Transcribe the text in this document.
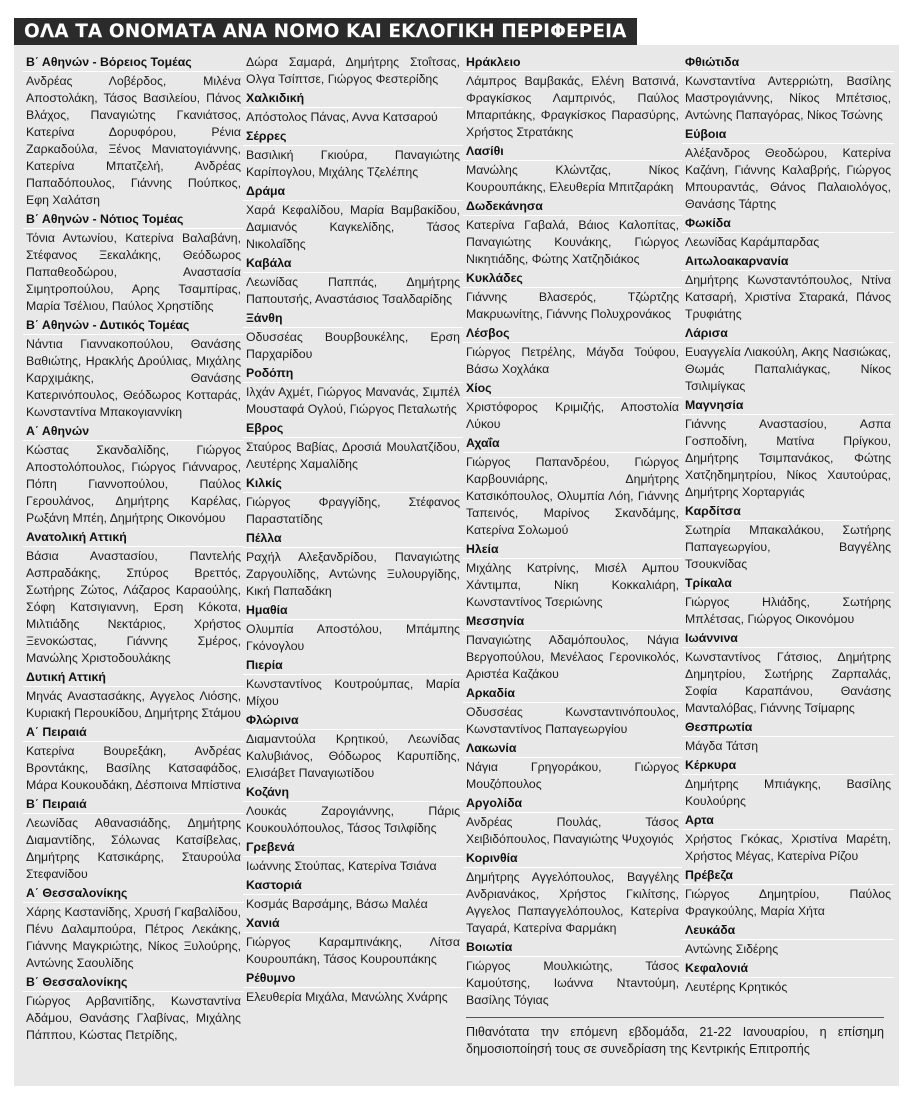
ΟΛΑ ΤΑ ΟΝΟΜΑΤΑ ΑΝΑ ΝΟΜΟ ΚΑΙ ΕΚΛΟΓΙΚΗ ΠΕΡΙΦΕΡΕΙΑ
Β΄ Αθηνών - Βόρειος Τομέας
Ανδρέας Λοβέρδος, Μιλένα Αποστολάκη, Τάσος Βασιλείου, Πάνος Βλάχος, Παναγιώτης Γκανιάτσος, Κατερίνα Δορυφόρου, Ρένια Ζαρκαδούλα, Ξένος Μανιατογιάννης, Κατερίνα Μπατζελή, Ανδρέας Παπαδόπουλος, Γιάννης Πούπκος, Εφη Χαλάτση
Β΄ Αθηνών - Νότιος Τομέας
Τόνια Αντωνίου, Κατερίνα Βαλαβάνη, Στέφανος Ξεκαλάκης, Θεόδωρος Παπαθεοδώρου, Αναστασία Σιμητροπούλου, Αρης Τσαμπίρας, Μαρία Τσέλιου, Παύλος Χρηστίδης
Β΄ Αθηνών - Δυτικός Τομέας
Νάντια Γιαννακοπούλου, Θανάσης Βαθιώτης, Ηρακλής Δρούλιας, Μιχάλης Καρχιμάκης, Θανάσης Κατερινόπουλος, Θεόδωρος Κοτταράς, Κωνσταντίνα Μπακογιαννίκη
Α΄ Αθηνών
Κώστας Σκανδαλίδης, Γιώργος Αποστολόπουλος, Γιώργος Γιάνναρος, Πόπη Γιαννοπούλου, Παύλος Γερουλάνος, Δημήτρης Καρέλας, Ρωξάνη Μπέη, Δημήτρης Οικονόμου
Ανατολική Αττική
Βάσια Αναστασίου, Παντελής Ασπραδάκης, Σπύρος Βρεττός, Σωτήρης Ζώτος, Λάζαρος Καραούλης, Σόφη Κατσιγιαννη, Ερση Κόκοτα, Μιλτιάδης Νεκτάριος, Χρήστος Ξενοκώστας, Γιάννης Σμέρος, Μανώλης Χριστοδουλάκης
Δυτική Αττική
Μηνάς Αναστασάκης, Αγγελος Λιόσης, Κυριακή Περουκίδου, Δημήτρης Στάμου
Α΄ Πειραιά
Κατερίνα Βουρεξάκη, Ανδρέας Βροντάκης, Βασίλης Κατσαφάδος, Μάρα Κουκουδάκη, Δέσποινα Μπίστινα
Β΄ Πειραιά
Λεωνίδας Αθανασιάδης, Δημήτρης Διαμαντίδης, Σόλωνας Κατσίβελας, Δημήτρης Κατσικάρης, Σταυρούλα Στεφανίδου
Α΄ Θεσσαλονίκης
Χάρης Καστανίδης, Χρυσή Γκαβαλίδου, Πένυ Δαλαμπούρα, Πέτρος Λεκάκης, Γιάννης Μαγκριώτης, Νίκος Ξυλούρης, Αντώνης Σαουλίδης
Β΄ Θεσσαλονίκης
Γιώργος Αρβανιτίδης, Κωνσταντίνα Αδάμου, Θανάσης Γλαβίνας, Μιχάλης Πάππου, Κώστας Πετρίδης,
Δώρα Σαμαρά, Δημήτρης Στοΐτσας, Ολγα Τσίπτσε, Γιώργος Φεστερίδης
Χαλκιδική
Απόστολος Πάνας, Αννα Κατσαρού
Σέρρες
Βασιλική Γκιούρα, Παναγιώτης Καρίπογλου, Μιχάλης Τζελέπης
Δράμα
Χαρά Κεφαλίδου, Μαρία Βαμβακίδου, Δαμιανός Καγκελίδης, Τάσος Νικολαΐδης
Καβάλα
Λεωνίδας Παππάς, Δημήτρης Παπουτσής, Αναστάσιος Τσαλδαρίδης
Ξάνθη
Οδυσσέας Βουρβουκέλης, Ερση Παρχαρίδου
Ροδόπη
Ιλχάν Αχμέτ, Γιώργος Μανανάς, Σιμπέλ Μουσταφά Ογλού, Γιώργος Πεταλωτής
Εβρος
Σταύρος Βαβίας, Δροσιά Μουλατζίδου, Λευτέρης Χαμαλίδης
Κιλκίς
Γιώργος Φραγγίδης, Στέφανος Παραστατίδης
Πέλλα
Ραχήλ Αλεξανδρίδου, Παναγιώτης Ζαργουλίδης, Αντώνης Ξυλουργίδης, Κική Παπαδάκη
Ημαθία
Ολυμπία Αποστόλου, Μπάμπης Γκόνογλου
Πιερία
Κωνσταντίνος Κουτρούμπας, Μαρία Μίχου
Φλώρινα
Διαμαντούλα Κρητικού, Λεωνίδας Καλυβιάνος, Θόδωρος Καρυπίδης, Ελισάβετ Παναγιωτίδου
Κοζάνη
Λουκάς Ζαρογιάννης, Πάρις Κουκουλόπουλος, Τάσος Τσιλφίδης
Γρεβενά
Ιωάννης Στούπας, Κατερίνα Τσιάνα
Καστοριά
Κοσμάς Βαρσάμης, Βάσω Μαλέα
Χανιά
Γιώργος Καραμπινάκης, Λίτσα Κουρουπάκη, Τάσος Κουρουπάκης
Ρέθυμνο
Ελευθερία Μιχάλα, Μανώλης Χνάρης
Ηράκλειο
Λάμπρος Βαμβακάς, Ελένη Βατσινά, Φραγκίσκος Λαμπρινός, Παύλος Μπαριτάκης, Φραγκίσκος Παρασύρης, Χρήστος Στρατάκης
Λασίθι
Μανώλης Κλώντζας, Νίκος Κουρουπάκης, Ελευθερία Μπιτζαράκη
Δωδεκάνησα
Κατερίνα Γαβαλά, Βάιος Καλοπίτας, Παναγιώτης Κουνάκης, Γιώργος Νικητιάδης, Φώτης Χατζηδιάκος
Κυκλάδες
Γιάννης Βλασερός, Τζώρτζης Μακρυωνίτης, Γιάννης Πολυχρονάκος
Λέσβος
Γιώργος Πετρέλης, Μάγδα Τούφου, Βάσω Χοχλάκα
Χίος
Χριστόφορος Κριμιζής, Αποστολία Λύκου
Αχαΐα
Γιώργος Παπανδρέου, Γιώργος Καρβουνιάρης, Δημήτρης Κατσικόπουλος, Ολυμπία Λόη, Γιάννης Ταπεινός, Μαρίνος Σκανδάμης, Κατερίνα Σολωμού
Ηλεία
Μιχάλης Κατρίνης, Μισέλ Αμπου Χάντιμπα, Νίκη Κοκκαλιάρη, Κωνσταντίνος Τσεριώνης
Μεσσηνία
Παναγιώτης Αδαμόπουλος, Νάγια Βεργοπούλου, Μενέλαος Γερονικολός, Αριστέα Καζάκου
Αρκαδία
Οδυσσέας Κωνσταντινόπουλος, Κωνσταντίνος Παπαγεωργίου
Λακωνία
Νάγια Γρηγοράκου, Γιώργος Μουζόπουλος
Αργολίδα
Ανδρέας Πουλάς, Τάσος Χειβιδόπουλος, Παναγιώτης Ψυχογιός
Κορινθία
Δημήτρης Αγγελόπουλος, Βαγγέλης Ανδριανάκος, Χρήστος Γκιλίτσης, Αγγελος Παπαγγελόπουλος, Κατερίνα Ταγαρά, Κατερίνα Φαρμάκη
Βοιωτία
Γιώργος Μουλκιώτης, Τάσος Καμούτσης, Ιωάννα Ντaντούμη, Βασίλης Τόγιας
Πιθανότατα την επόμενη εβδομάδα, 21-22 Ιανουαρίου, η επίσημη δημοσιοποίησή τους σε συνεδρίαση της Κεντρικής Επιτροπής
Φθιώτιδα
Κωνσταντίνα Αντερριώτη, Βασίλης Μαστρογιάννης, Νίκος Μπέτσιος, Αντώνης Παπαγόρας, Νίκος Τσώνης
Εύβοια
Αλέξανδρος Θεοδώρου, Κατερίνα Καζάνη, Γιάννης Καλαβρής, Γιώργος Μπουραντάς, Θάνος Παλαιολόγος, Θανάσης Τάρτης
Φωκίδα
Λεωνίδας Καράμπαρδας
Αιτωλοακαρνανία
Δημήτρης Κωνσταντόπουλος, Ντίνα Κατσαρή, Χριστίνα Σταρακά, Πάνος Τρυφιάτης
Λάρισα
Ευαγγελία Λιακούλη, Ακης Νασιώκας, Θωμάς Παπαλιάγκας, Νίκος Τσιλιμίγκας
Μαγνησία
Γιάννης Αναστασίου, Ασπα Γοσποδίνη, Ματίνα Πρίγκου, Δημήτρης Τσιμπανάκος, Φώτης Χατζηδημητρίου, Νίκος Χαυτούρας, Δημήτρης Χορταργιάς
Καρδίτσα
Σωτηρία Μπακαλάκου, Σωτήρης Παπαγεωργίου, Βαγγέλης Τσουκνίδας
Τρίκαλα
Γιώργος Ηλιάδης, Σωτήρης Μπλέτσας, Γιώργος Οικονόμου
Ιωάννινα
Κωνσταντίνος Γάτσιος, Δημήτρης Δημητρίου, Σωτήρης Ζαρπαλάς, Σοφία Καραπάνου, Θανάσης Μανταλόβας, Γιάννης Τσίμαρης
Θεσπρωτία
Μάγδα Τάτση
Κέρκυρα
Δημήτρης Μπιάγκης, Βασίλης Κουλούρης
Αρτα
Χρήστος Γκόκας, Χριστίνα Μαρέτη, Χρήστος Μέγας, Κατερίνα Ρίζου
Πρέβεζα
Γιώργος Δημητρίου, Παύλος Φραγκούλης, Μαρία Χήτα
Λευκάδα
Αντώνης Σιδέρης
Κεφαλονιά
Λευτέρης Κρητικός
